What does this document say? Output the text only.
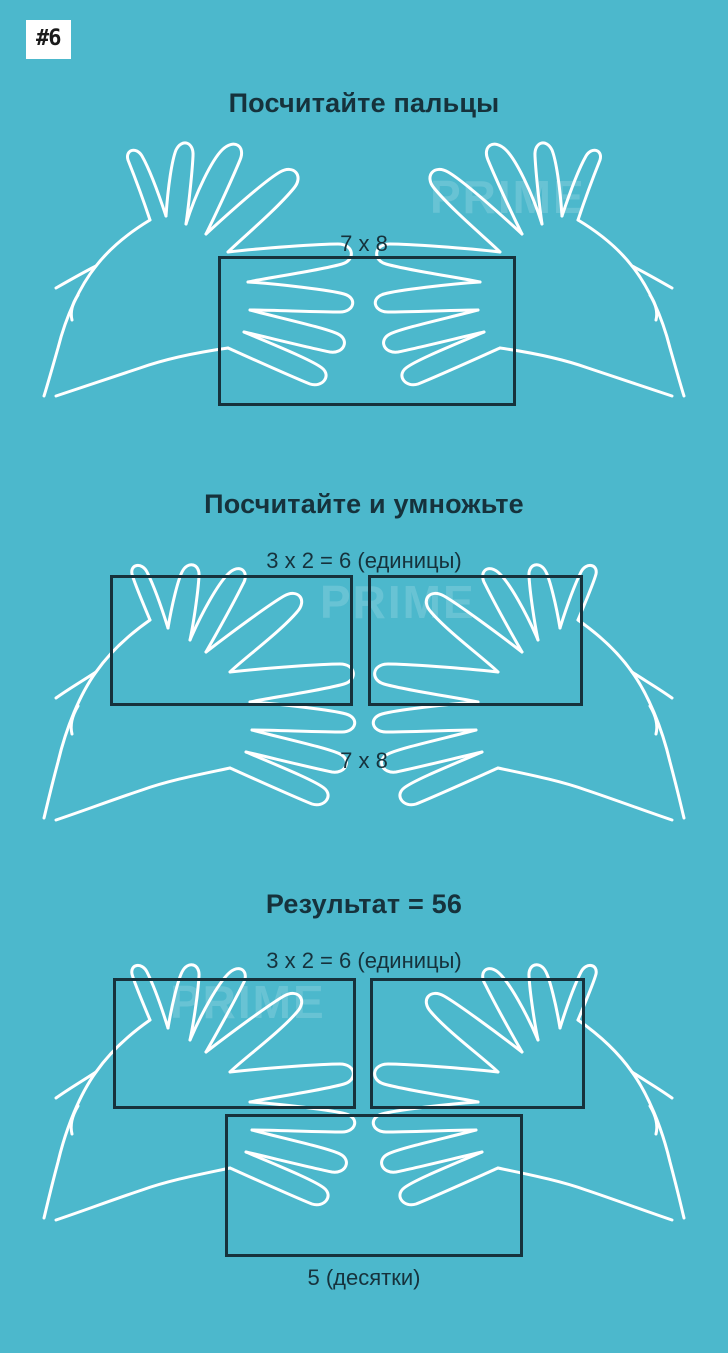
#6
PRIME
PRIME
PRIME
Посчитайте пальцы
7 x 8
Посчитайте и умножьте
3 x 2 = 6 (единицы)
7 x 8
Результат = 56
3 x 2 = 6 (единицы)
5 (десятки)
